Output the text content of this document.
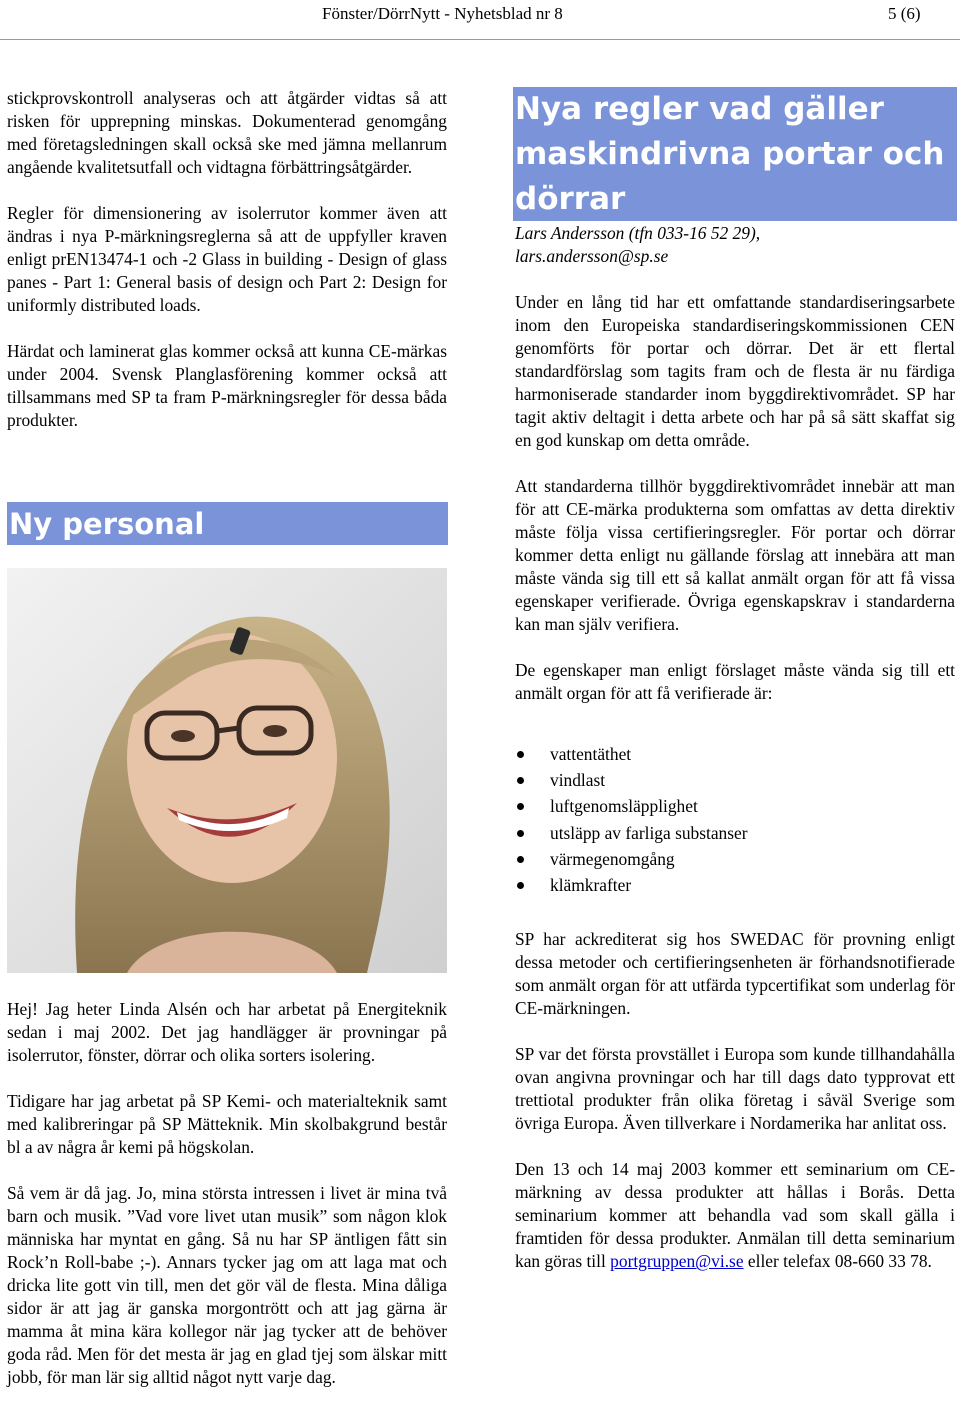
Fönster/DörrNytt - Nyhetsblad nr 8	5 (6)

stickprovskontroll analyseras och att åtgärder vidtas så att risken för upprepning minskas. Dokumenterad genomgång med företagsledningen skall också ske med jämna mellanrum angående kvalitetsutfall och vidtagna förbättringsåtgärder.

Regler för dimensionering av isolerrutor kommer även att ändras i nya P-märkningsreglerna så att de uppfyller kraven enligt prEN13474-1 och -2 Glass in building - Design of glass panes - Part 1: General basis of design och Part 2: Design for uniformly distributed loads.

Härdat och laminerat glas kommer också att kunna CE-märkas under 2004. Svensk Planglasförening kommer också att tillsammans med SP ta fram P-märkningsregler för dessa båda produkter.

Ny personal

Hej! Jag heter Linda Alsén och har arbetat på Energiteknik sedan i maj 2002. Det jag handlägger är provningar på isolerrutor, fönster, dörrar och olika sorters isolering.

Tidigare har jag arbetat på SP Kemi- och materialteknik samt med kalibreringar på SP Mätteknik. Min skolbakgrund består bl a av några år kemi på högskolan.

Så vem är då jag. Jo, mina största intressen i livet är mina två barn och musik. ”Vad vore livet utan musik” som någon klok människa har myntat en gång. Så nu har SP äntligen fått sin Rock’n Roll-babe ;-). Annars tycker jag om att laga mat och dricka lite gott vin till, men det gör väl de flesta. Mina dåliga sidor är att jag är ganska morgontrött och att jag gärna är mamma åt mina kära kollegor när jag tycker att de behöver goda råd. Men för det mesta är jag en glad tjej som älskar mitt jobb, för man lär sig alltid något nytt varje dag.

Nya regler vad gäller maskindrivna portar och dörrar

Lars Andersson (tfn 033-16 52 29),

lars.andersson@sp.se

Under en lång tid har ett omfattande standardiseringsarbete inom den Europeiska standardiseringskommissionen CEN genomförts för portar och dörrar. Det är ett flertal standardförslag som tagits fram och de flesta är nu färdiga harmoniserade standarder inom byggdirektivområdet. SP har tagit aktiv deltagit i detta arbete och har på så sätt skaffat sig en god kunskap om detta område.

Att standarderna tillhör byggdirektivområdet innebär att man för att CE-märka produkterna som omfattas av detta direktiv måste följa vissa certifieringsregler. För portar och dörrar kommer detta enligt nu gällande förslag att innebära att man måste vända sig till ett så kallat anmält organ för att få vissa egenskaper verifierade. Övriga egenskapskrav i standarderna kan man själv verifiera.

De egenskaper man enligt förslaget måste vända sig till ett anmält organ för att få verifierade är:

vattentäthet
vindlast
luftgenomsläpplighet
utsläpp av farliga substanser
värmegenomgång
klämkrafter

SP har ackrediterat sig hos SWEDAC för provning enligt dessa metoder och certifieringsenheten är förhandsnotifierade som anmält organ för att utfärda typcertifikat som underlag för CE-märkningen.

SP var det första provstället i Europa som kunde tillhandahålla ovan angivna provningar och har till dags dato typprovat ett trettiotal produkter från olika företag i såväl Sverige som övriga Europa. Även tillverkare i Nordamerika har anlitat oss.

Den 13 och 14 maj 2003 kommer ett seminarium om CE-märkning av dessa produkter att hållas i Borås. Detta seminarium kommer att behandla vad som skall gälla i framtiden för dessa produkter. Anmälan till detta seminarium kan göras till portgruppen@vi.se eller telefax 08-660 33 78.
